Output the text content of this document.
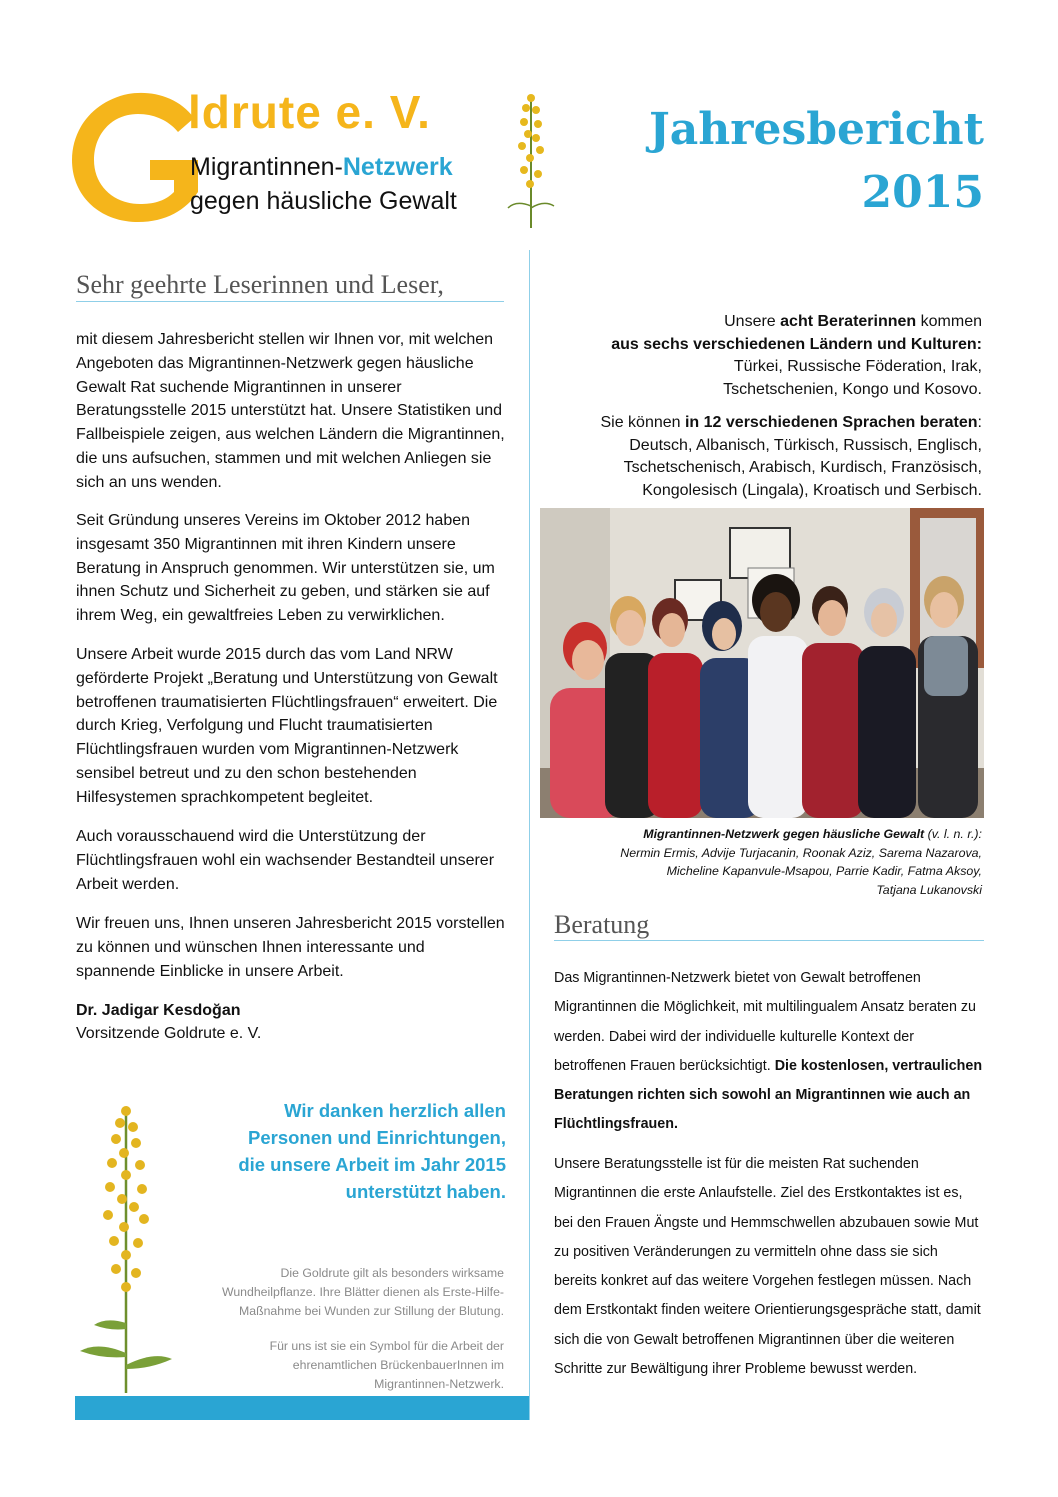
ldrute e. V.
Migrantinnen-Netzwerk
gegen häusliche Gewalt
Jahresbericht
2015
Sehr geehrte Leserinnen und Leser,
mit diesem Jahresbericht stellen wir Ihnen vor, mit welchen Angeboten das Migrantinnen-Netzwerk gegen häusliche Gewalt Rat suchende Migrantinnen in unserer Beratungsstelle 2015 unterstützt hat. Unsere Statistiken und Fallbeispiele zeigen, aus welchen Ländern die Migrantinnen, die uns aufsuchen, stammen und mit welchen Anliegen sie sich an uns wenden.
Seit Gründung unseres Vereins im Oktober 2012 haben insgesamt 350 Migrantinnen mit ihren Kindern unsere Beratung in Anspruch genommen. Wir unterstützen sie, um ihnen Schutz und Sicherheit zu geben, und stärken sie auf ihrem Weg, ein gewaltfreies Leben zu verwirklichen.
Unsere Arbeit wurde 2015 durch das vom Land NRW geförderte Projekt „Beratung und Unterstützung von Gewalt betroffenen traumatisierten Flüchtlingsfrauen“ erweitert. Die durch Krieg, Verfolgung und Flucht traumatisierten Flüchtlingsfrauen wurden vom Migrantinnen-Netzwerk sensibel betreut und zu den schon bestehenden Hilfesystemen sprachkompetent begleitet.
Auch vorausschauend wird die Unterstützung der Flüchtlingsfrauen wohl ein wachsender Bestandteil unserer Arbeit werden.
Wir freuen uns, Ihnen unseren Jahresbericht 2015 vorstellen zu können und wünschen Ihnen interessante und spannende Einblicke in unsere Arbeit.
Dr. Jadigar Kesdoğan
Vorsitzende Goldrute e. V.
Wir danken herzlich allen
Personen und Einrichtungen,
die unsere Arbeit im Jahr 2015
unterstützt haben.
Die Goldrute gilt als besonders wirksame
Wundheilpflanze. Ihre Blätter dienen als Erste-Hilfe-
Maßnahme bei Wunden zur Stillung der Blutung.
Für uns ist sie ein Symbol für die Arbeit der
ehrenamtlichen BrückenbauerInnen im
Migrantinnen-Netzwerk.
Unsere acht Beraterinnen kommen
aus sechs verschiedenen Ländern und Kulturen:
Türkei, Russische Föderation, Irak,
Tschetschenien, Kongo und Kosovo.
Sie können in 12 verschiedenen Sprachen beraten:
Deutsch, Albanisch, Türkisch, Russisch, Englisch,
Tschetschenisch, Arabisch, Kurdisch, Französisch,
Kongolesisch (Lingala), Kroatisch und Serbisch.
Migrantinnen-Netzwerk gegen häusliche Gewalt (v. l. n. r.):
Nermin Ermis, Advije Turjacanin, Roonak Aziz, Sarema Nazarova,
Micheline Kapanvule-Msapou, Parrie Kadir, Fatma Aksoy,
Tatjana Lukanovski
Beratung
Das Migrantinnen-Netzwerk bietet von Gewalt betroffenen Migrantinnen die Möglichkeit, mit multilingualem Ansatz beraten zu werden. Dabei wird der individuelle kulturelle Kontext der betroffenen Frauen berücksichtigt. Die kostenlosen, vertraulichen Beratungen richten sich sowohl an Migrantinnen wie auch an Flüchtlingsfrauen.
Unsere Beratungsstelle ist für die meisten Rat suchenden Migrantinnen die erste Anlaufstelle. Ziel des Erstkontaktes ist es, bei den Frauen Ängste und Hemmschwellen abzubauen sowie Mut zu positiven Veränderungen zu vermitteln ohne dass sie sich bereits konkret auf das weitere Vorgehen festlegen müssen. Nach dem Erstkontakt finden weitere Orientierungsgespräche statt, damit sich die von Gewalt betroffenen Migrantinnen über die weiteren Schritte zur Bewältigung ihrer Probleme bewusst werden.
